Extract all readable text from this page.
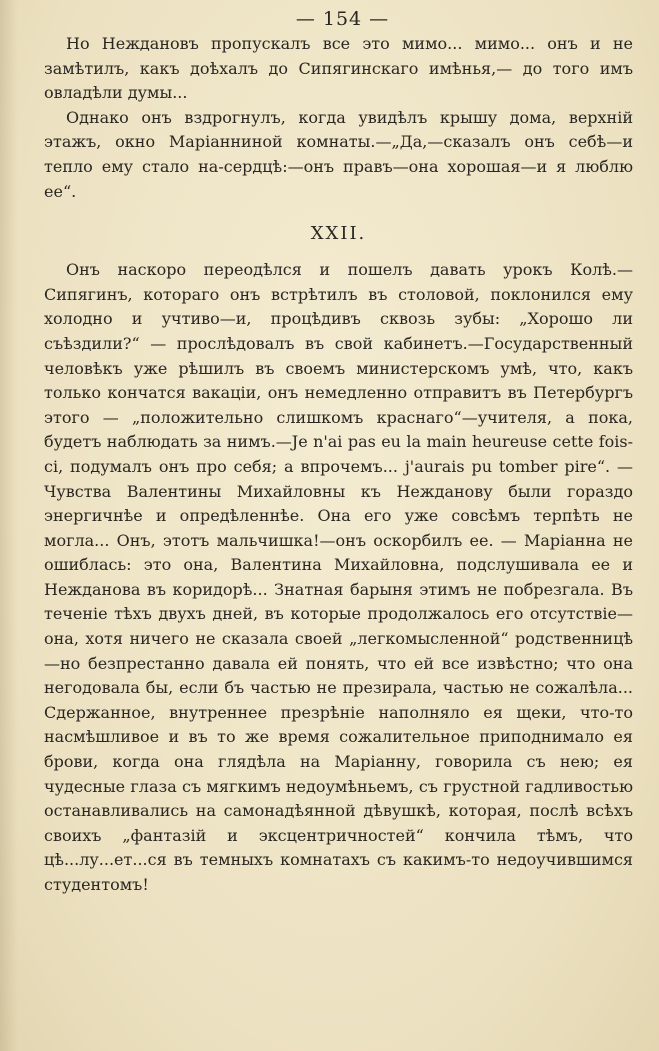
— 154 —

Но Неждановъ пропускалъ все это мимо... мимо... онъ и не замѣтилъ, какъ доѣхалъ до Сипягинскаго имѣнья,— до того имъ овладѣли думы...

Однако онъ вздрогнулъ, когда увидѣлъ крышу дома, верхній этажъ, окно Маріанниной комнаты.—„Да,—сказалъ онъ себѣ—и тепло ему стало на-сердцѣ:—онъ правъ—она хорошая—и я люблю ее“.

XXII.

Онъ наскоро переодѣлся и пошелъ давать урокъ Колѣ.— Сипягинъ, котораго онъ встрѣтилъ въ столовой, поклонился ему холодно и учтиво—и, процѣдивъ сквозь зубы: „Хорошо ли съѣздили?“ — прослѣдовалъ въ свой кабинетъ.—Государственный человѣкъ уже рѣшилъ въ своемъ министерскомъ умѣ, что, какъ только кончатся вакаціи, онъ немедленно отправитъ въ Петербургъ этого — „положительно слишкомъ краснаго“—учителя, а пока, будетъ наблюдать за нимъ.—Je n'ai pas eu la main heureuse cette fois-ci, подумалъ онъ про себя; а впрочемъ... j'aurais pu tomber pire“. — Чувства Валентины Михайловны къ Нежданову были гораздо энергичнѣе и опредѣленнѣе. Она его уже совсѣмъ терпѣть не могла... Онъ, этотъ мальчишка!—онъ оскорбилъ ее. — Маріанна не ошиблась: это она, Валентина Михайловна, подслушивала ее и Нежданова въ коридорѣ... Знатная барыня этимъ не побрезгала. Въ теченіе тѣхъ двухъ дней, въ которые продолжалось его отсутствіе—она, хотя ничего не сказала своей „легкомысленной“ родственницѣ—но безпрестанно давала ей понять, что ей все извѣстно; что она негодовала бы, если бъ частью не презирала, частью не сожалѣла... Сдержанное, внутреннее презрѣніе наполняло ея щеки, что-то насмѣшливое и въ то же время сожалительное приподнимало ея брови, когда она глядѣла на Маріанну, говорила съ нею; ея чудесные глаза съ мягкимъ недоумѣньемъ, съ грустной гадливостью останавливались на самонадѣянной дѣвушкѣ, которая, послѣ всѣхъ своихъ „фантазій и эксцентричностей“ кончила тѣмъ, что цѣ...лу...ет...ся въ темныхъ комнатахъ съ какимъ-то недоучившимся студентомъ!
